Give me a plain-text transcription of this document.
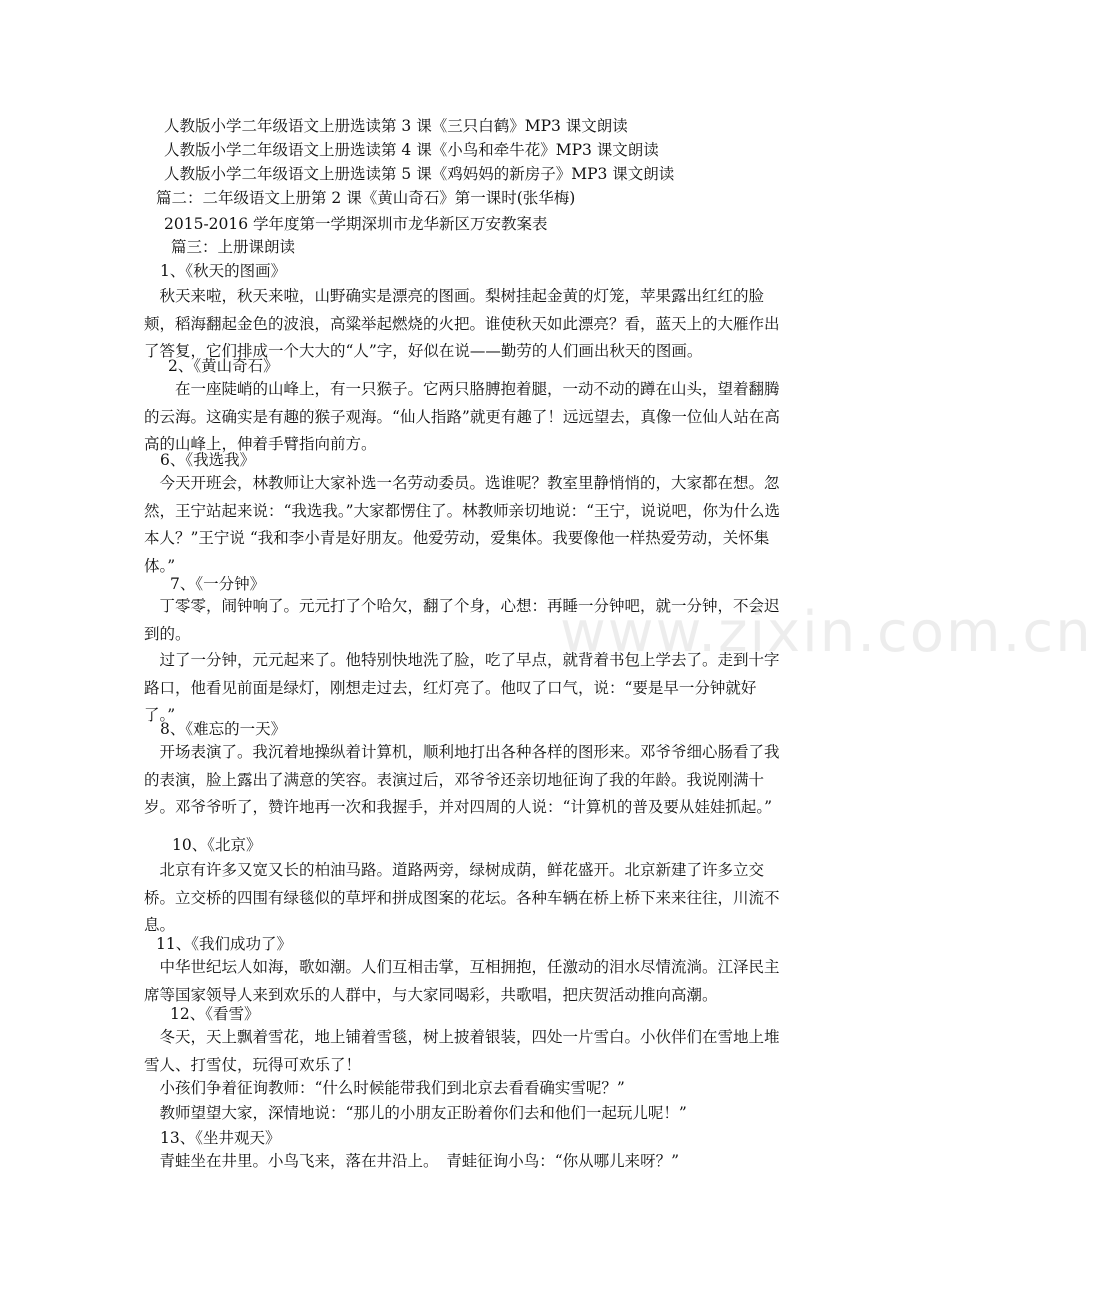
人教版小学二年级语文上册选读第 3 课《三只白鹤》MP3 课文朗读
人教版小学二年级语文上册选读第 4 课《小鸟和牵牛花》MP3 课文朗读
人教版小学二年级语文上册选读第 5 课《鸡妈妈的新房子》MP3 课文朗读
篇二：二年级语文上册第 2 课《黄山奇石》第一课时(张华梅)
2015-2016 学年度第一学期深圳市龙华新区万安教案表
篇三：上册课朗读
1、《秋天的图画》
　秋天来啦，秋天来啦，山野确实是漂亮的图画。梨树挂起金黄的灯笼，苹果露出红红的脸颊，稻海翻起金色的波浪，高粱举起燃烧的火把。谁使秋天如此漂亮？看，蓝天上的大雁作出了答复，它们排成一个大大的“人”字，好似在说——勤劳的人们画出秋天的图画。
2、《黄山奇石》
　　在一座陡峭的山峰上，有一只猴子。它两只胳膊抱着腿，一动不动的蹲在山头，望着翻腾的云海。这确实是有趣的猴子观海。“仙人指路”就更有趣了！远远望去，真像一位仙人站在高高的山峰上，伸着手臂指向前方。
6、《我选我》
　今天开班会，林教师让大家补选一名劳动委员。选谁呢？教室里静悄悄的，大家都在想。忽然，王宁站起来说：“我选我。”大家都愣住了。林教师亲切地说：“王宁，说说吧，你为什么选本人？”王宁说 “我和李小青是好朋友。他爱劳动，爱集体。我要像他一样热爱劳动，关怀集体。”
7、《一分钟》
　丁零零，闹钟响了。元元打了个哈欠，翻了个身，心想：再睡一分钟吧，就一分钟，不会迟到的。
　过了一分钟，元元起来了。他特别快地洗了脸，吃了早点，就背着书包上学去了。走到十字路口，他看见前面是绿灯，刚想走过去，红灯亮了。他叹了口气，说：“要是早一分钟就好了。”
8、《难忘的一天》
　开场表演了。我沉着地操纵着计算机，顺利地打出各种各样的图形来。邓爷爷细心肠看了我的表演，脸上露出了满意的笑容。表演过后，邓爷爷还亲切地征询了我的年龄。我说刚满十岁。邓爷爷听了，赞许地再一次和我握手，并对四周的人说：“计算机的普及要从娃娃抓起。”
10、《北京》
　北京有许多又宽又长的柏油马路。道路两旁，绿树成荫，鲜花盛开。北京新建了许多立交桥。立交桥的四围有绿毯似的草坪和拼成图案的花坛。各种车辆在桥上桥下来来往往，川流不息。
11、《我们成功了》
　中华世纪坛人如海，歌如潮。人们互相击掌，互相拥抱，任激动的泪水尽情流淌。江泽民主席等国家领导人来到欢乐的人群中，与大家同喝彩，共歌唱，把庆贺活动推向高潮。
12、《看雪》
　冬天，天上飘着雪花，地上铺着雪毯，树上披着银装，四处一片雪白。小伙伴们在雪地上堆雪人、打雪仗，玩得可欢乐了！
　小孩们争着征询教师：“什么时候能带我们到北京去看看确实雪呢？”
　教师望望大家，深情地说：“那儿的小朋友正盼着你们去和他们一起玩儿呢！”
13、《坐井观天》
　青蛙坐在井里。小鸟飞来，落在井沿上。　青蛙征询小鸟：“你从哪儿来呀？”
www.zixin.com.cn
